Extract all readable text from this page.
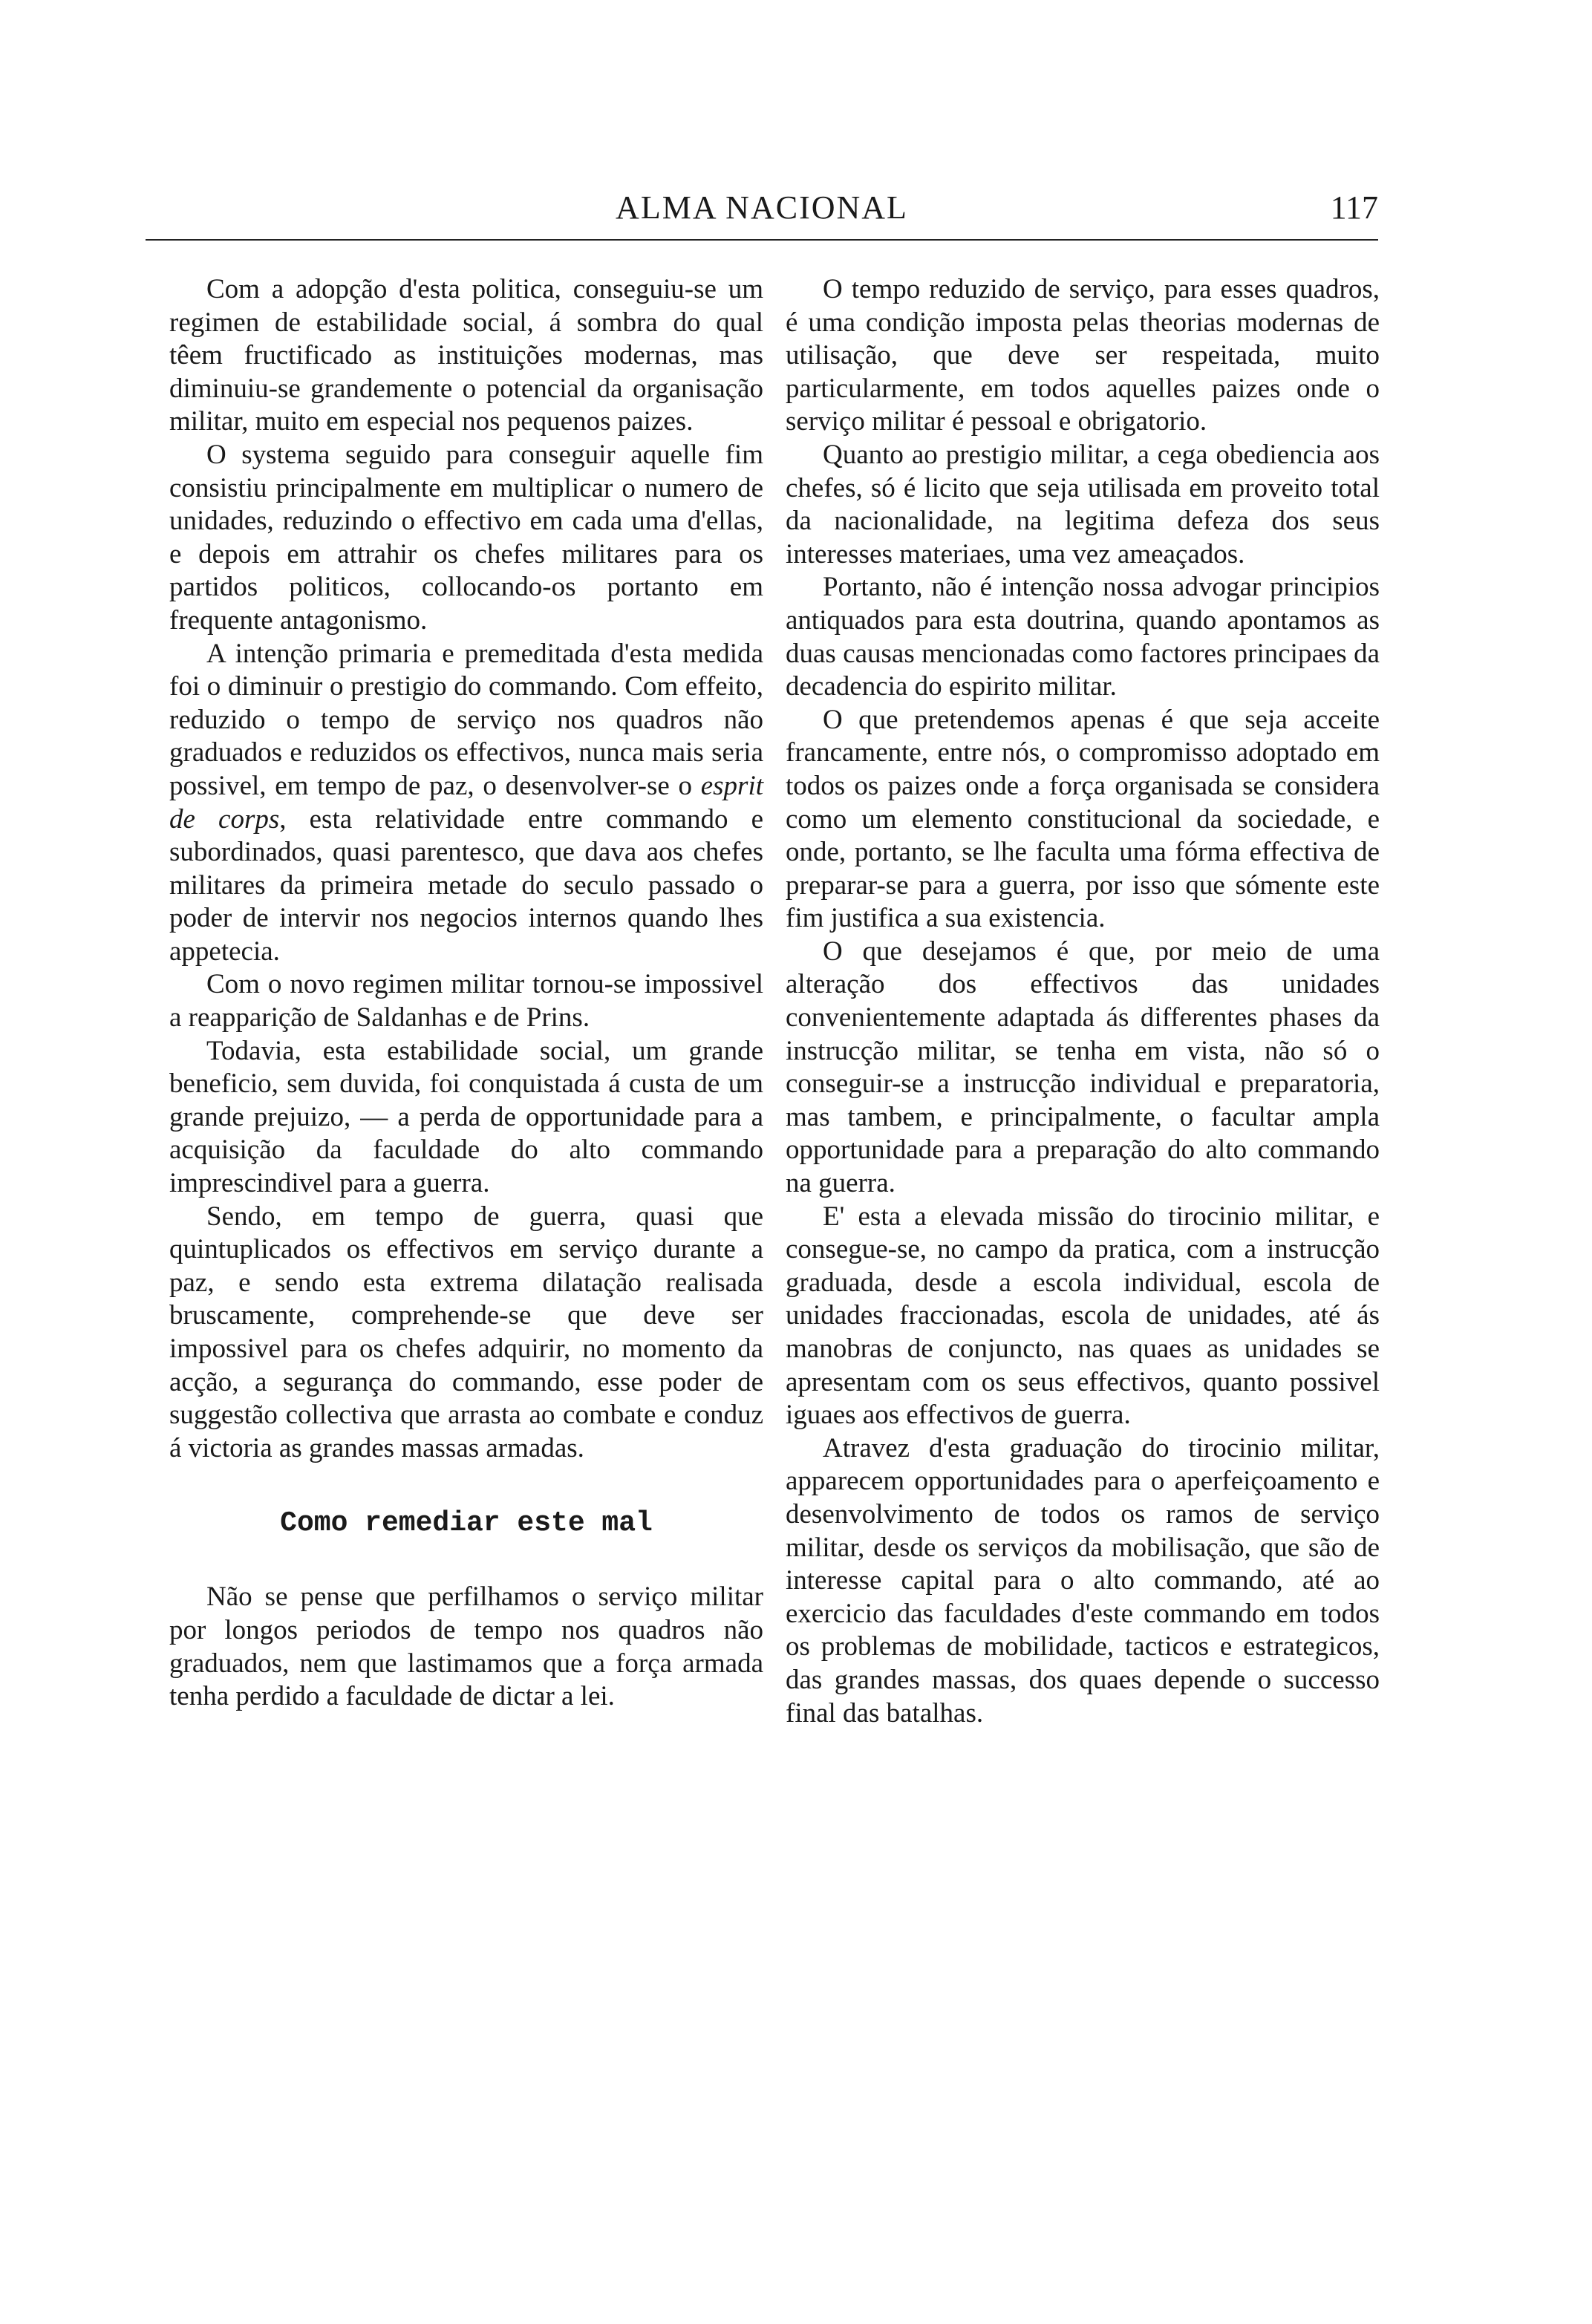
ALMA NACIONAL	117

Com a adopção d'esta politica, conseguiu-se um regimen de estabilidade social, á sombra do qual têem fructificado as instituições modernas, mas diminuiu-se grandemente o potencial da organisação militar, muito em especial nos pequenos paizes.

O systema seguido para conseguir aquelle fim consistiu principalmente em multiplicar o numero de unidades, reduzindo o effectivo em cada uma d'ellas, e depois em attrahir os chefes militares para os partidos politicos, collocando-os portanto em frequente antagonismo.

A intenção primaria e premeditada d'esta medida foi o diminuir o prestigio do commando. Com effeito, reduzido o tempo de serviço nos quadros não graduados e reduzidos os effectivos, nunca mais seria possivel, em tempo de paz, o desenvolver-se o esprit de corps, esta relatividade entre commando e subordinados, quasi parentesco, que dava aos chefes militares da primeira metade do seculo passado o poder de intervir nos negocios internos quando lhes appetecia.

Com o novo regimen militar tornou-se impossivel a reapparição de Saldanhas e de Prins.

Todavia, esta estabilidade social, um grande beneficio, sem duvida, foi conquistada á custa de um grande prejuizo, — a perda de opportunidade para a acquisição da faculdade do alto commando imprescindivel para a guerra.

Sendo, em tempo de guerra, quasi que quintuplicados os effectivos em serviço durante a paz, e sendo esta extrema dilatação realisada bruscamente, comprehende-se que deve ser impossivel para os chefes adquirir, no momento da acção, a segurança do commando, esse poder de suggestão collectiva que arrasta ao combate e conduz á victoria as grandes massas armadas.

Como remediar este mal

Não se pense que perfilhamos o serviço militar por longos periodos de tempo nos quadros não graduados, nem que lastimamos que a força armada tenha perdido a faculdade de dictar a lei.

O tempo reduzido de serviço, para esses quadros, é uma condição imposta pelas theorias modernas de utilisação, que deve ser respeitada, muito particularmente, em todos aquelles paizes onde o serviço militar é pessoal e obrigatorio.

Quanto ao prestigio militar, a cega obediencia aos chefes, só é licito que seja utilisada em proveito total da nacionalidade, na legitima defeza dos seus interesses materiaes, uma vez ameaçados.

Portanto, não é intenção nossa advogar principios antiquados para esta doutrina, quando apontamos as duas causas mencionadas como factores principaes da decadencia do espirito militar.

O que pretendemos apenas é que seja acceite francamente, entre nós, o compromisso adoptado em todos os paizes onde a força organisada se considera como um elemento constitucional da sociedade, e onde, portanto, se lhe faculta uma fórma effectiva de preparar-se para a guerra, por isso que sómente este fim justifica a sua existencia.

O que desejamos é que, por meio de uma alteração dos effectivos das unidades convenientemente adaptada ás differentes phases da instrucção militar, se tenha em vista, não só o conseguir-se a instrucção individual e preparatoria, mas tambem, e principalmente, o facultar ampla opportunidade para a preparação do alto commando na guerra.

E' esta a elevada missão do tirocinio militar, e consegue-se, no campo da pratica, com a instrucção graduada, desde a escola individual, escola de unidades fraccionadas, escola de unidades, até ás manobras de conjuncto, nas quaes as unidades se apresentam com os seus effectivos, quanto possivel iguaes aos effectivos de guerra.

Atravez d'esta graduação do tirocinio militar, apparecem opportunidades para o aperfeiçoamento e desenvolvimento de todos os ramos de serviço militar, desde os serviços da mobilisação, que são de interesse capital para o alto commando, até ao exercicio das faculdades d'este commando em todos os problemas de mobilidade, tacticos e estrategicos, das grandes massas, dos quaes depende o successo final das batalhas.
